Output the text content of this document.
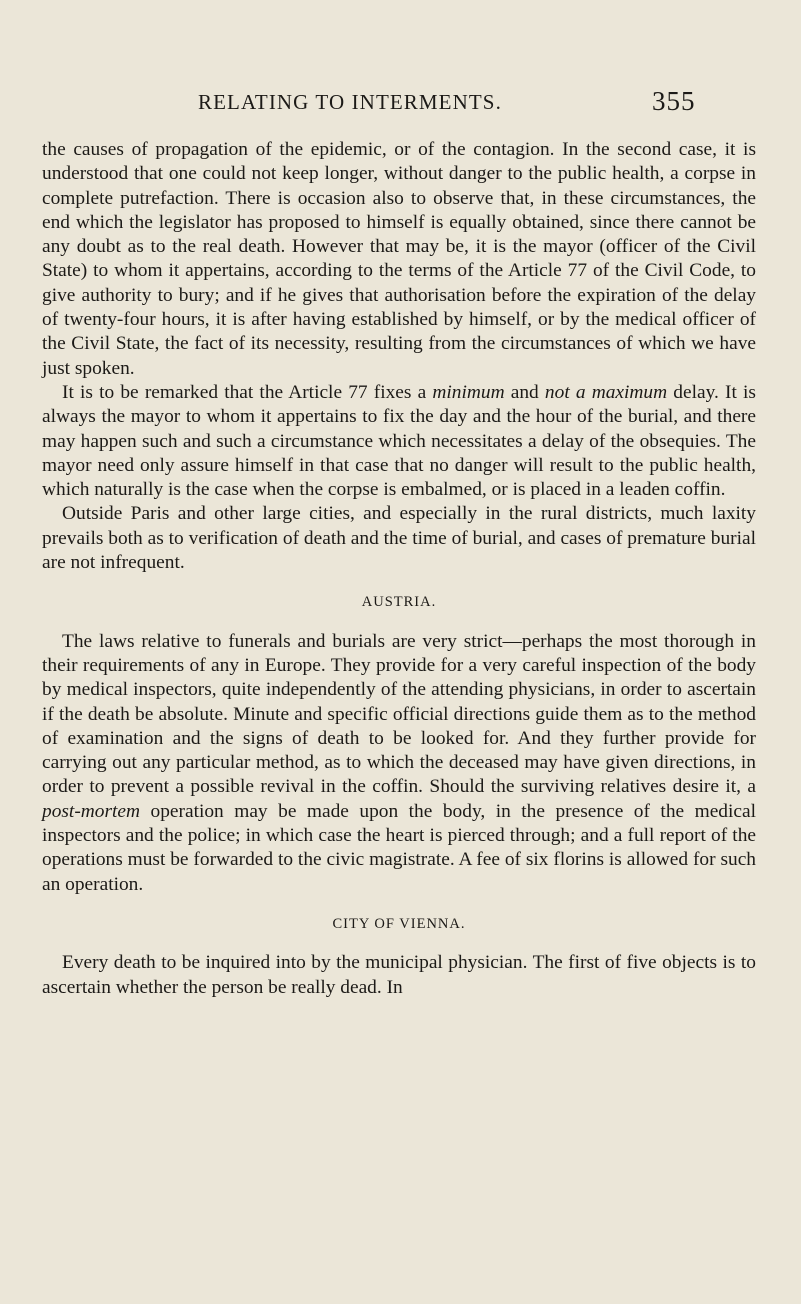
RELATING TO INTERMENTS.	355

the causes of propagation of the epidemic, or of the contagion. In the second case, it is understood that one could not keep longer, without danger to the public health, a corpse in complete putrefaction. There is occasion also to observe that, in these circumstances, the end which the legislator has proposed to himself is equally obtained, since there cannot be any doubt as to the real death. However that may be, it is the mayor (officer of the Civil State) to whom it appertains, according to the terms of the Article 77 of the Civil Code, to give authority to bury; and if he gives that authorisation before the expiration of the delay of twenty-four hours, it is after having established by himself, or by the medical officer of the Civil State, the fact of its necessity, resulting from the circumstances of which we have just spoken.

It is to be remarked that the Article 77 fixes a minimum and not a maximum delay. It is always the mayor to whom it appertains to fix the day and the hour of the burial, and there may happen such and such a circumstance which necessitates a delay of the obsequies. The mayor need only assure himself in that case that no danger will result to the public health, which naturally is the case when the corpse is embalmed, or is placed in a leaden coffin.

Outside Paris and other large cities, and especially in the rural districts, much laxity prevails both as to verification of death and the time of burial, and cases of premature burial are not infrequent.

AUSTRIA.

The laws relative to funerals and burials are very strict—perhaps the most thorough in their requirements of any in Europe. They provide for a very careful inspection of the body by medical inspectors, quite independently of the attending physicians, in order to ascertain if the death be absolute. Minute and specific official directions guide them as to the method of examination and the signs of death to be looked for. And they further provide for carrying out any particular method, as to which the deceased may have given directions, in order to prevent a possible revival in the coffin. Should the surviving relatives desire it, a post-mortem operation may be made upon the body, in the presence of the medical inspectors and the police; in which case the heart is pierced through; and a full report of the operations must be forwarded to the civic magistrate. A fee of six florins is allowed for such an operation.

CITY OF VIENNA.

Every death to be inquired into by the municipal physician. The first of five objects is to ascertain whether the person be really dead. In
